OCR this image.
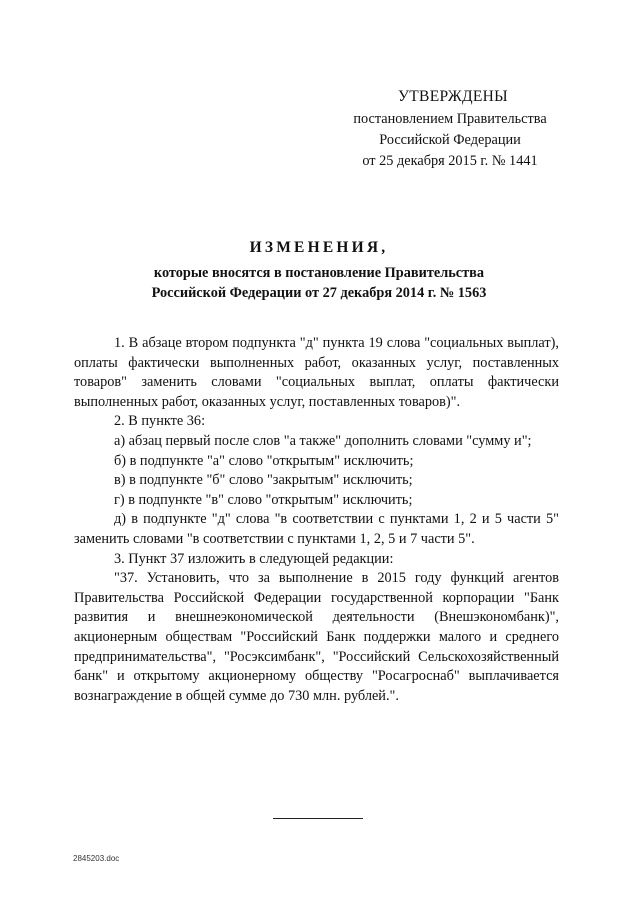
УТВЕРЖДЕНЫ
постановлением Правительства
Российской Федерации
от 25 декабря 2015 г. № 1441
ИЗМЕНЕНИЯ,
которые вносятся в постановление Правительства
Российской Федерации от 27 декабря 2014 г. № 1563

1. В абзаце втором подпункта "д" пункта 19 слова "социальных выплат), оплаты фактически выполненных работ, оказанных услуг, поставленных товаров" заменить словами "социальных выплат, оплаты фактически выполненных работ, оказанных услуг, поставленных товаров)".

2. В пункте 36:

а) абзац первый после слов "а также" дополнить словами "сумму и";

б) в подпункте "а" слово "открытым" исключить;

в) в подпункте "б" слово "закрытым" исключить;

г) в подпункте "в" слово "открытым" исключить;

д) в подпункте "д" слова "в соответствии с пунктами 1, 2 и 5 части 5" заменить словами "в соответствии с пунктами 1, 2, 5 и 7 части 5".

3. Пункт 37 изложить в следующей редакции:

"37. Установить, что за выполнение в 2015 году функций агентов Правительства Российской Федерации государственной корпорации "Банк развития и внешнеэкономической деятельности (Внешэкономбанк)", акционерным обществам "Российский Банк поддержки малого и среднего предпринимательства", "Росэксимбанк", "Российский Сельскохозяйственный банк" и открытому акционерному обществу "Росагроснаб" выплачивается вознаграждение в общей сумме до 730 млн. рублей.".

2845203.doc
